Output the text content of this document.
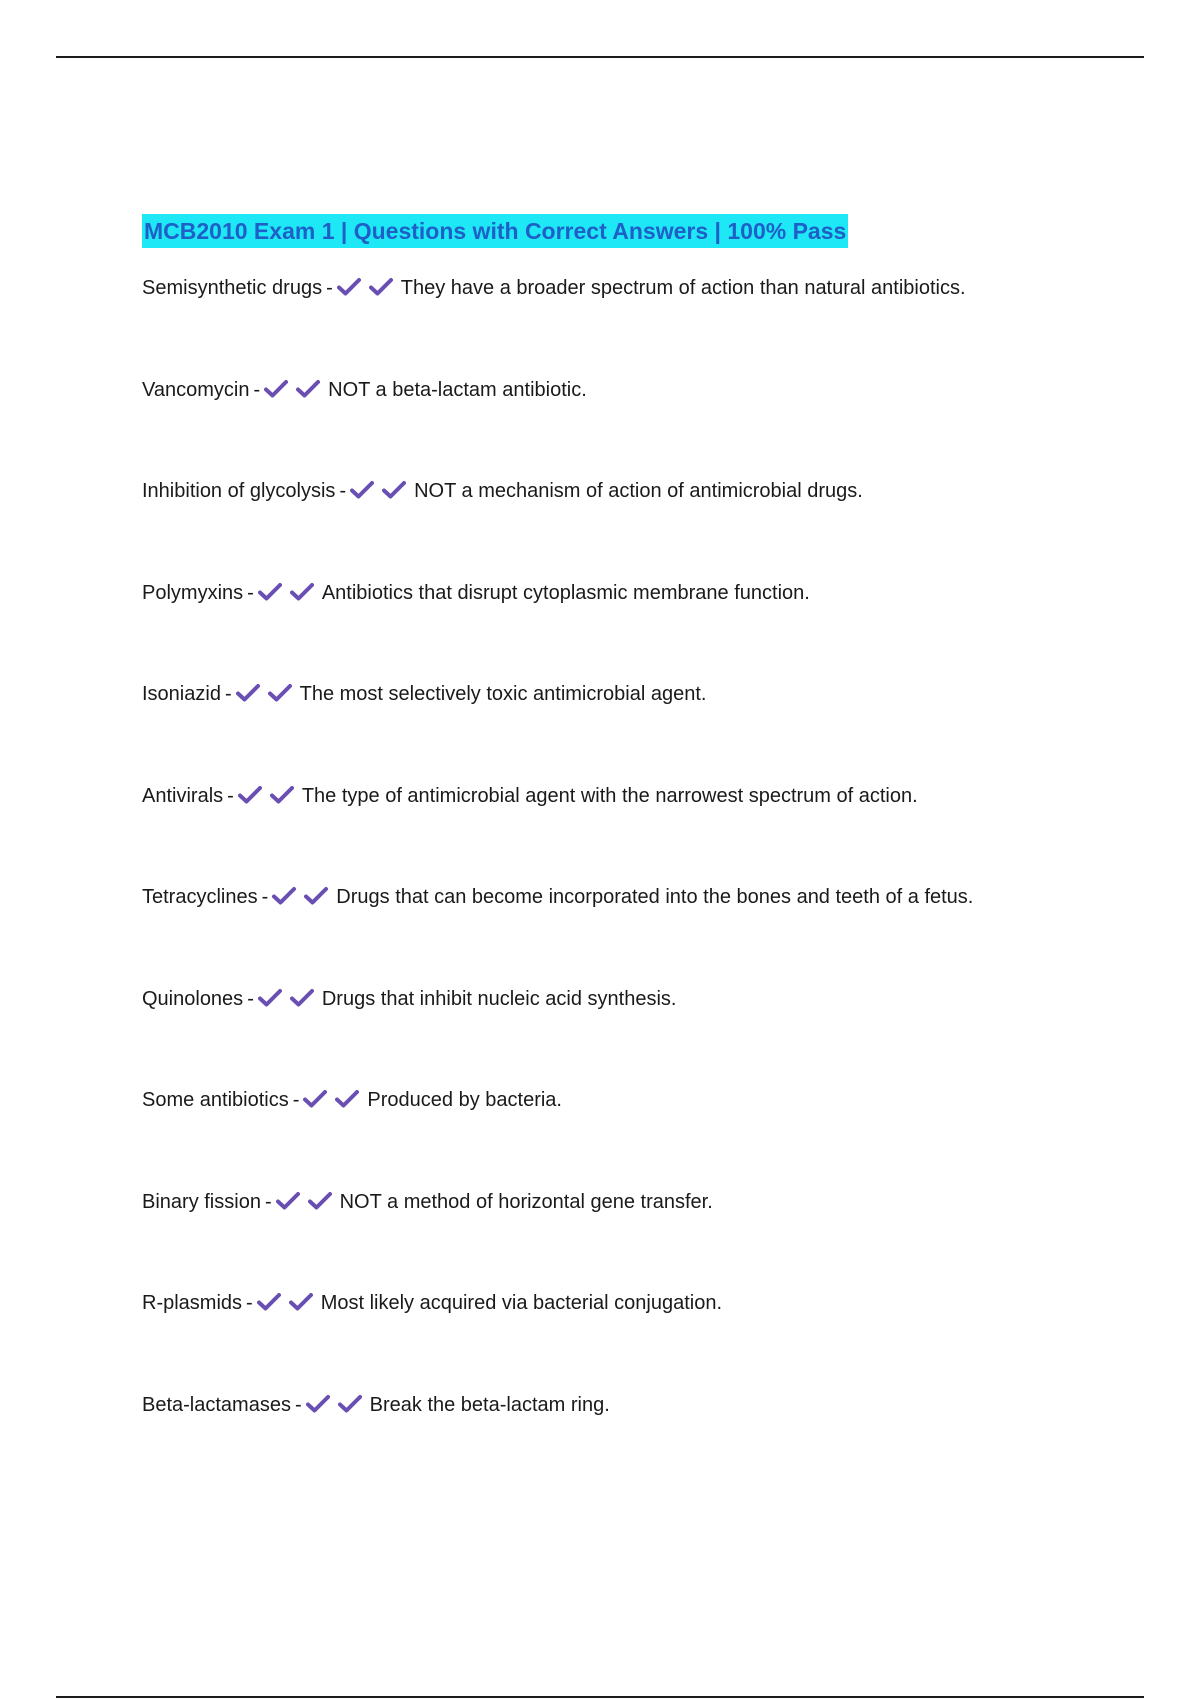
MCB2010 Exam 1 | Questions with Correct Answers | 100% Pass
Semisynthetic drugs -	They have a broader spectrum of action than natural antibiotics.
Vancomycin -	NOT a beta-lactam antibiotic.
Inhibition of glycolysis -	NOT a mechanism of action of antimicrobial drugs.
Polymyxins -	Antibiotics that disrupt cytoplasmic membrane function.
Isoniazid -	The most selectively toxic antimicrobial agent.
Antivirals -	The type of antimicrobial agent with the narrowest spectrum of action.
Tetracyclines -	Drugs that can become incorporated into the bones and teeth of a fetus.
Quinolones -	Drugs that inhibit nucleic acid synthesis.
Some antibiotics -	Produced by bacteria.
Binary fission -	NOT a method of horizontal gene transfer.
R-plasmids -	Most likely acquired via bacterial conjugation.
Beta-lactamases -	Break the beta-lactam ring.
